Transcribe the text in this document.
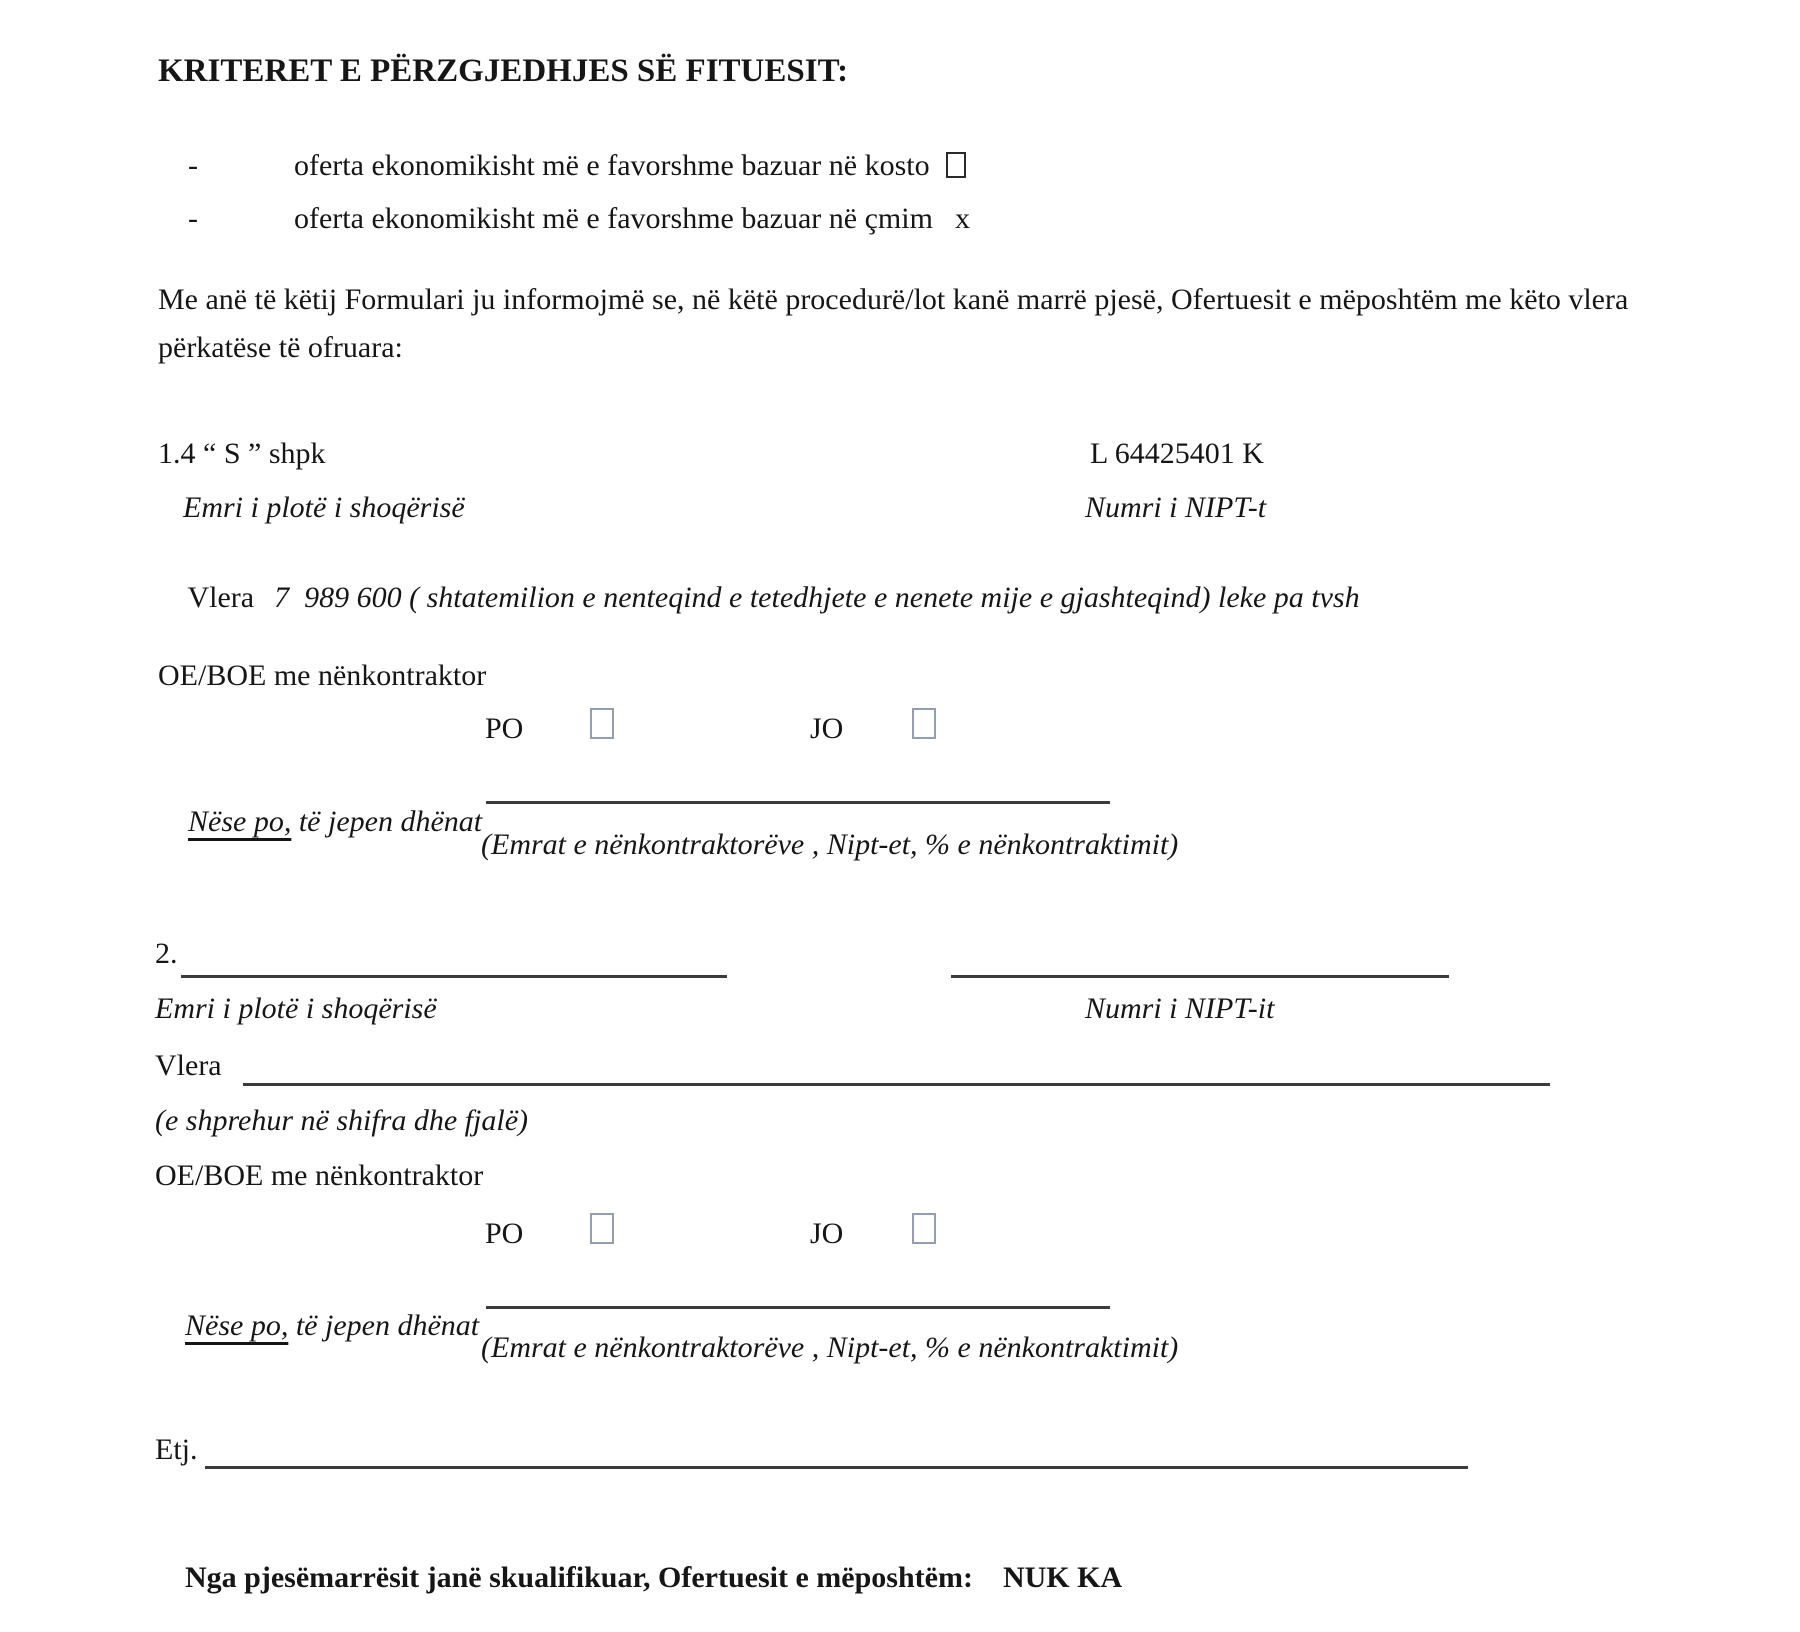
KRITERET E PËRZGJEDHJES SË FITUESIT:

-	oferta ekonomikisht më e favorshme bazuar në kosto

-	oferta ekonomikisht më e favorshme bazuar në çmim x

Me anë të këtij Formulari ju informojmë se, në këtë procedurë/lot kanë marrë pjesë, Ofertuesit e mëposhtëm me këto vlera përkatëse të ofruara:
1.4 “ S ” shpk	L 64425401 K
Emri i plotë i shoqërisë	Numri i NIPT-t

Vlera 7  989 600 ( shtatemilion e nenteqind e tetedhjete e nenete mije e gjashteqind) leke pa tvsh

OE/BOE me nënkontraktor
PO	JO

Nëse po, të jepen dhënat

(Emrat e nënkontraktorëve , Nipt-et, % e nënkontraktimit)
2.
Emri i plotë i shoqërisë	Numri i NIPT-it
Vlera
(e shprehur në shifra dhe fjalë)
OE/BOE me nënkontraktor
PO	JO

Nëse po, të jepen dhënat

(Emrat e nënkontraktorëve , Nipt-et, % e nënkontraktimit)
Etj.

Nga pjesëmarrësit janë skualifikuar, Ofertuesit e mëposhtëm: NUK KA
